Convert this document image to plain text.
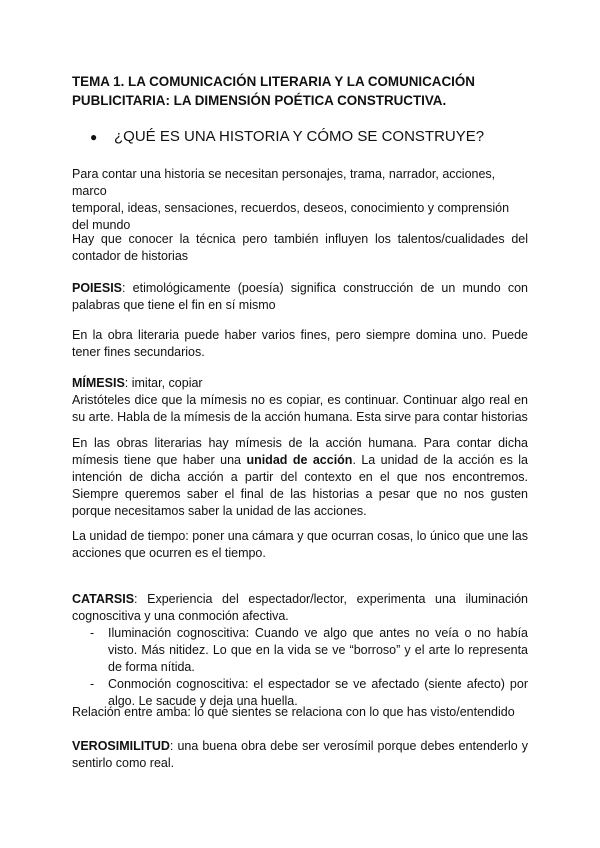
TEMA 1. LA COMUNICACIÓN LITERARIA Y LA COMUNICACIÓN PUBLICITARIA: LA DIMENSIÓN POÉTICA CONSTRUCTIVA.

● ¿QUÉ ES UNA HISTORIA Y CÓMO SE CONSTRUYE?

Para contar una historia se necesitan personajes, trama, narrador, acciones, marco
temporal, ideas, sensaciones, recuerdos, deseos, conocimiento y comprensión
del mundo

Hay que conocer la técnica pero también influyen los talentos/cualidades del contador de historias

POIESIS: etimológicamente (poesía) significa construcción de un mundo con palabras que tiene el fin en sí mismo

En la obra literaria puede haber varios fines, pero siempre domina uno. Puede tener fines secundarios.

MÍMESIS: imitar, copiar

Aristóteles dice que la mímesis no es copiar, es continuar. Continuar algo real en su arte. Habla de la mímesis de la acción humana. Esta sirve para contar historias

En las obras literarias hay mímesis de la acción humana. Para contar dicha mímesis tiene que haber una unidad de acción. La unidad de la acción es la intención de dicha acción a partir del contexto en el que nos encontremos. Siempre queremos saber el final de las historias a pesar que no nos gusten porque necesitamos saber la unidad de las acciones.

La unidad de tiempo: poner una cámara y que ocurran cosas, lo único que une las acciones que ocurren es el tiempo.

CATARSIS: Experiencia del espectador/lector, experimenta una iluminación cognoscitiva y una conmoción afectiva.

- Iluminación cognoscitiva: Cuando ve algo que antes no veía o no había visto. Más nitidez. Lo que en la vida se ve “borroso” y el arte lo representa de forma nítida.
- Conmoción cognoscitiva: el espectador se ve afectado (siente afecto) por algo. Le sacude y deja una huella.

Relación entre amba: lo que sientes se relaciona con lo que has visto/entendido

VEROSIMILITUD: una buena obra debe ser verosímil porque debes entenderlo y sentirlo como real.
